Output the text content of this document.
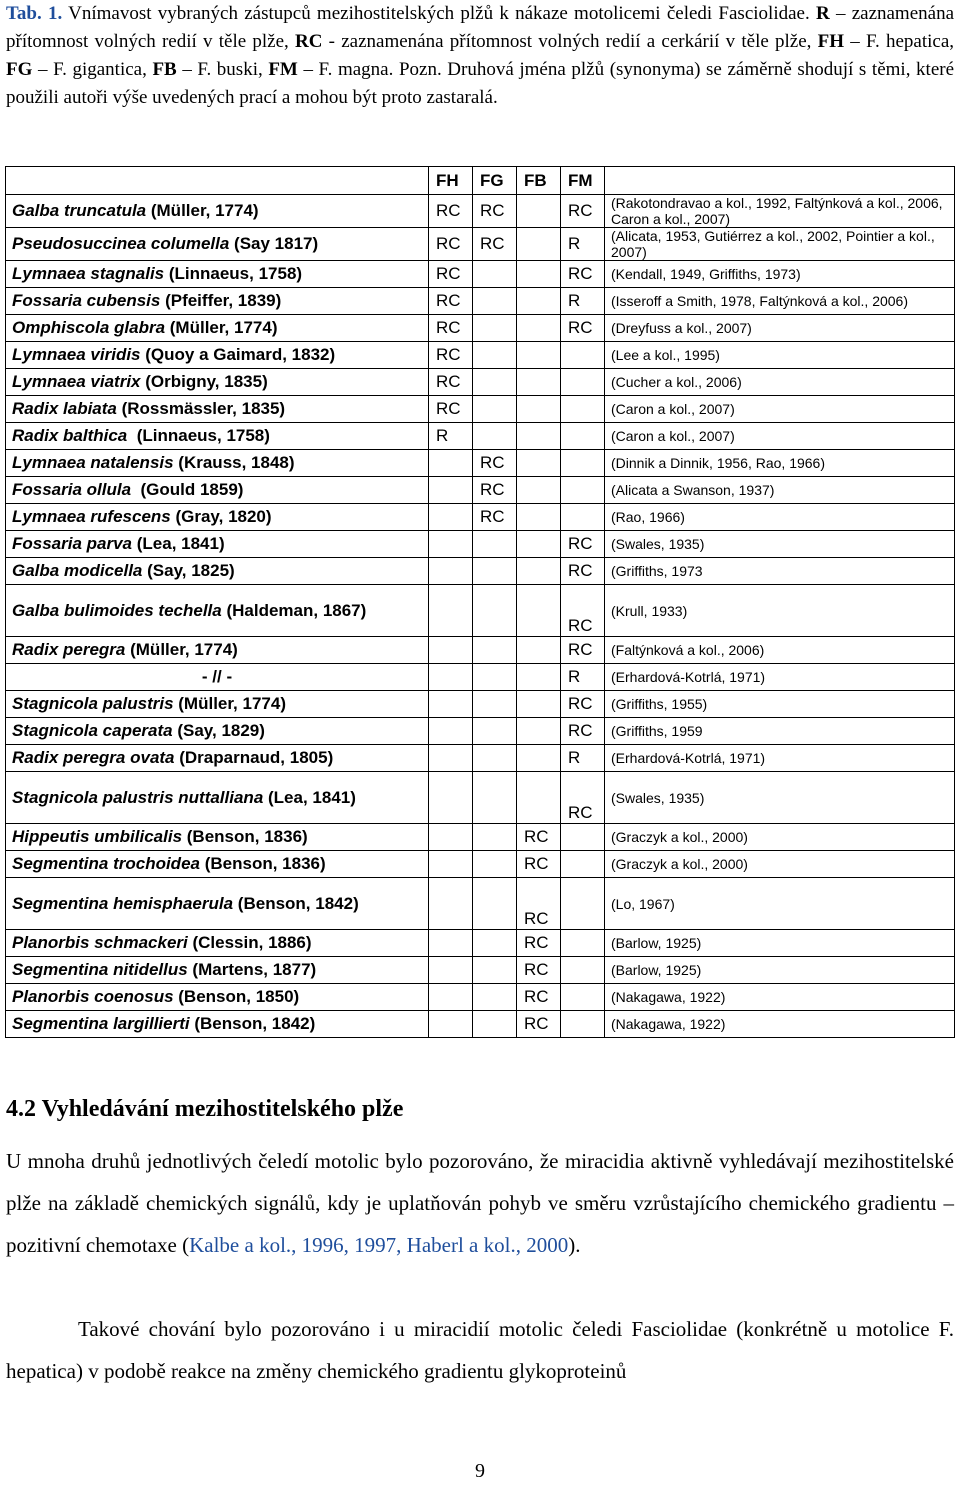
Tab. 1. Vnímavost vybraných zástupců mezihostitelských plžů k nákaze motolicemi čeledi Fasciolidae. R – zaznamenána přítomnost volných redií v těle plže, RC - zaznamenána přítomnost volných redií a cerkárií v těle plže, FH – F. hepatica, FG – F. gigantica, FB – F. buski, FM – F. magna. Pozn. Druhová jména plžů (synonyma) se záměrně shodují s těmi, které použili autoři výše uvedených prací a mohou být proto zastaralá.
	FH	FG	FB	FM	
Galba truncatula (Müller, 1774)	RC	RC		RC	(Rakotondravao a kol., 1992, Faltýnková a kol., 2006, Caron a kol., 2007)
Pseudosuccinea columella (Say 1817)	RC	RC		R	(Alicata, 1953, Gutiérrez a kol., 2002, Pointier a kol., 2007)
Lymnaea stagnalis (Linnaeus, 1758)	RC			RC	(Kendall, 1949, Griffiths, 1973)
Fossaria cubensis (Pfeiffer, 1839)	RC			R	(Isseroff a Smith, 1978, Faltýnková a kol., 2006)
Omphiscola glabra (Müller, 1774)	RC			RC	(Dreyfuss a kol., 2007)
Lymnaea viridis (Quoy a Gaimard, 1832)	RC				(Lee a kol., 1995)
Lymnaea viatrix (Orbigny, 1835)	RC				(Cucher a kol., 2006)
Radix labiata (Rossmässler, 1835)	RC				(Caron a kol., 2007)
Radix balthica  (Linnaeus, 1758)	R				(Caron a kol., 2007)
Lymnaea natalensis (Krauss, 1848)		RC			(Dinnik a Dinnik, 1956, Rao, 1966)
Fossaria ollula  (Gould 1859)		RC			(Alicata a Swanson, 1937)
Lymnaea rufescens (Gray, 1820)		RC			(Rao, 1966)
Fossaria parva (Lea, 1841)				RC	(Swales, 1935)
Galba modicella (Say, 1825)				RC	(Griffiths, 1973
Galba bulimoides techella (Haldeman, 1867)				RC	(Krull, 1933)
Radix peregra (Müller, 1774)				RC	(Faltýnková a kol., 2006)
- // -				R	(Erhardová-Kotrlá, 1971)
Stagnicola palustris (Müller, 1774)				RC	(Griffiths, 1955)
Stagnicola caperata (Say, 1829)				RC	(Griffiths, 1959
Radix peregra ovata (Draparnaud, 1805)				R	(Erhardová-Kotrlá, 1971)
Stagnicola palustris nuttalliana (Lea, 1841)				RC	(Swales, 1935)
Hippeutis umbilicalis (Benson, 1836)			RC		(Graczyk a kol., 2000)
Segmentina trochoidea (Benson, 1836)			RC		(Graczyk a kol., 2000)
Segmentina hemisphaerula (Benson, 1842)			RC		(Lo, 1967)
Planorbis schmackeri (Clessin, 1886)			RC		(Barlow, 1925)
Segmentina nitidellus (Martens, 1877)			RC		(Barlow, 1925)
Planorbis coenosus (Benson, 1850)			RC		(Nakagawa, 1922)
Segmentina largillierti (Benson, 1842)			RC		(Nakagawa, 1922)
4.2 Vyhledávání mezihostitelského plže
U mnoha druhů jednotlivých čeledí motolic bylo pozorováno, že miracidia aktivně vyhledávají mezihostitelské plže na základě chemických signálů, kdy je uplatňován pohyb ve směru vzrůstajícího chemického gradientu – pozitivní chemotaxe (Kalbe a kol., 1996, 1997, Haberl a kol., 2000).
Takové chování bylo pozorováno i u miracidií motolic čeledi Fasciolidae (konkrétně u motolice F. hepatica) v podobě reakce na změny chemického gradientu glykoproteinů
9
